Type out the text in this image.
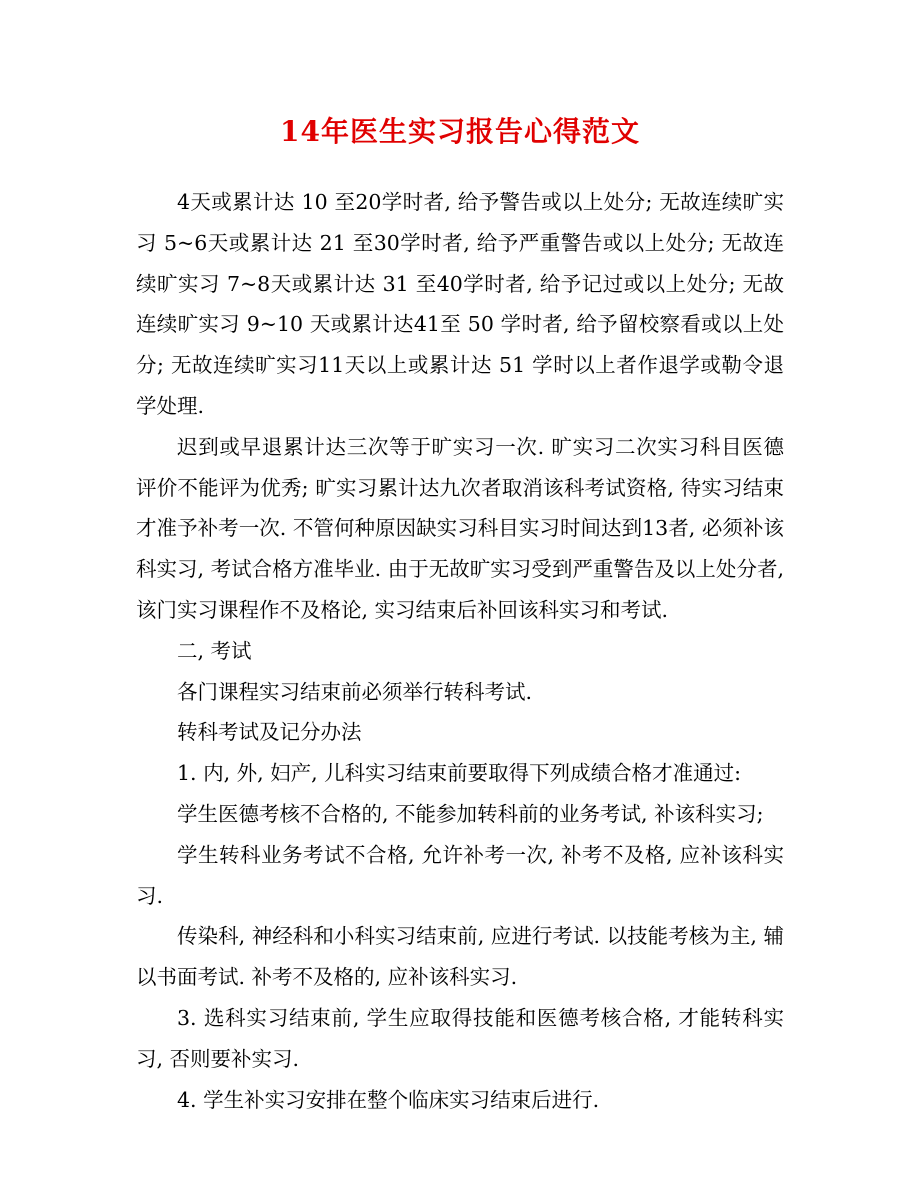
14年医生实习报告心得范文

4天或累计达 10 至20学时者, 给予警告或以上处分; 无故连续旷实习 5~6天或累计达 21 至30学时者, 给予严重警告或以上处分; 无故连续旷实习 7~8天或累计达 31 至40学时者, 给予记过或以上处分; 无故连续旷实习 9~10 天或累计达41至 50 学时者, 给予留校察看或以上处分; 无故连续旷实习11天以上或累计达 51 学时以上者作退学或勒令退学处理.

迟到或早退累计达三次等于旷实习一次. 旷实习二次实习科目医德评价不能评为优秀; 旷实习累计达九次者取消该科考试资格, 待实习结束才准予补考一次. 不管何种原因缺实习科目实习时间达到13者, 必须补该科实习, 考试合格方准毕业. 由于无故旷实习受到严重警告及以上处分者, 该门实习课程作不及格论, 实习结束后补回该科实习和考试.

二, 考试

各门课程实习结束前必须举行转科考试.

转科考试及记分办法

1. 内, 外, 妇产, 儿科实习结束前要取得下列成绩合格才准通过:

学生医德考核不合格的, 不能参加转科前的业务考试, 补该科实习;

学生转科业务考试不合格, 允许补考一次, 补考不及格, 应补该科实习.

传染科, 神经科和小科实习结束前, 应进行考试. 以技能考核为主, 辅以书面考试. 补考不及格的, 应补该科实习.

3. 选科实习结束前, 学生应取得技能和医德考核合格, 才能转科实习, 否则要补实习.

4. 学生补实习安排在整个临床实习结束后进行.
